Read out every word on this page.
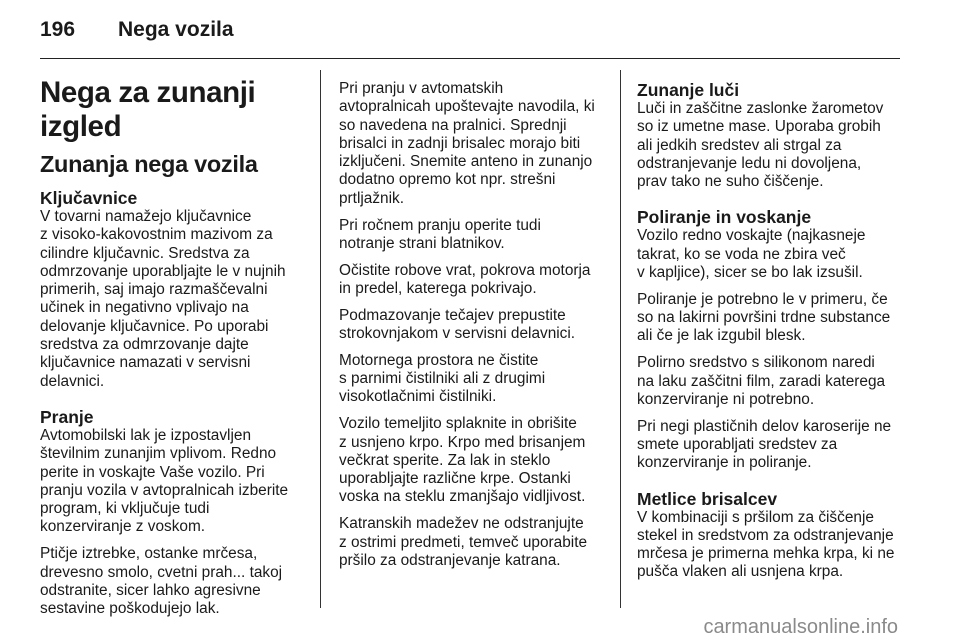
196 Nega vozila
Nega za zunanji izgled
Zunanja nega vozila
Ključavnice

V tovarni namažejo ključavnice
z visoko-kakovostnim mazivom za
cilindre ključavnic. Sredstva za
odmrzovanje uporabljajte le v nujnih
primerih, saj imajo razmaščevalni
učinek in negativno vplivajo na
delovanje ključavnice. Po uporabi
sredstva za odmrzovanje dajte
ključavnice namazati v servisni
delavnici.

Pranje

Avtomobilski lak je izpostavljen
številnim zunanjim vplivom. Redno
perite in voskajte Vaše vozilo. Pri
pranju vozila v avtopralnicah izberite
program, ki vključuje tudi
konzerviranje z voskom.

Ptičje iztrebke, ostanke mrčesa,
drevesno smolo, cvetni prah... takoj
odstranite, sicer lahko agresivne
sestavine poškodujejo lak.

Pri pranju v avtomatskih
avtopralnicah upoštevajte navodila, ki
so navedena na pralnici. Sprednji
brisalci in zadnji brisalec morajo biti
izključeni. Snemite anteno in zunanjo
dodatno opremo kot npr. strešni
prtljažnik.

Pri ročnem pranju operite tudi
notranje strani blatnikov.

Očistite robove vrat, pokrova motorja
in predel, katerega pokrivajo.

Podmazovanje tečajev prepustite
strokovnjakom v servisni delavnici.

Motornega prostora ne čistite
s parnimi čistilniki ali z drugimi
visokotlačnimi čistilniki.

Vozilo temeljito splaknite in obrišite
z usnjeno krpo. Krpo med brisanjem
večkrat sperite. Za lak in steklo
uporabljajte različne krpe. Ostanki
voska na steklu zmanjšajo vidljivost.

Katranskih madežev ne odstranjujte
z ostrimi predmeti, temveč uporabite
pršilo za odstranjevanje katrana.

Zunanje luči

Luči in zaščitne zaslonke žarometov
so iz umetne mase. Uporaba grobih
ali jedkih sredstev ali strgal za
odstranjevanje ledu ni dovoljena,
prav tako ne suho čiščenje.

Poliranje in voskanje

Vozilo redno voskajte (najkasneje
takrat, ko se voda ne zbira več
v kapljice), sicer se bo lak izsušil.

Poliranje je potrebno le v primeru, če
so na lakirni površini trdne substance
ali če je lak izgubil blesk.

Polirno sredstvo s silikonom naredi
na laku zaščitni film, zaradi katerega
konzerviranje ni potrebno.

Pri negi plastičnih delov karoserije ne
smete uporabljati sredstev za
konzerviranje in poliranje.

Metlice brisalcev

V kombinaciji s pršilom za čiščenje
stekel in sredstvom za odstranjevanje
mrčesa je primerna mehka krpa, ki ne
pušča vlaken ali usnjena krpa.

carmanualsonline.info
